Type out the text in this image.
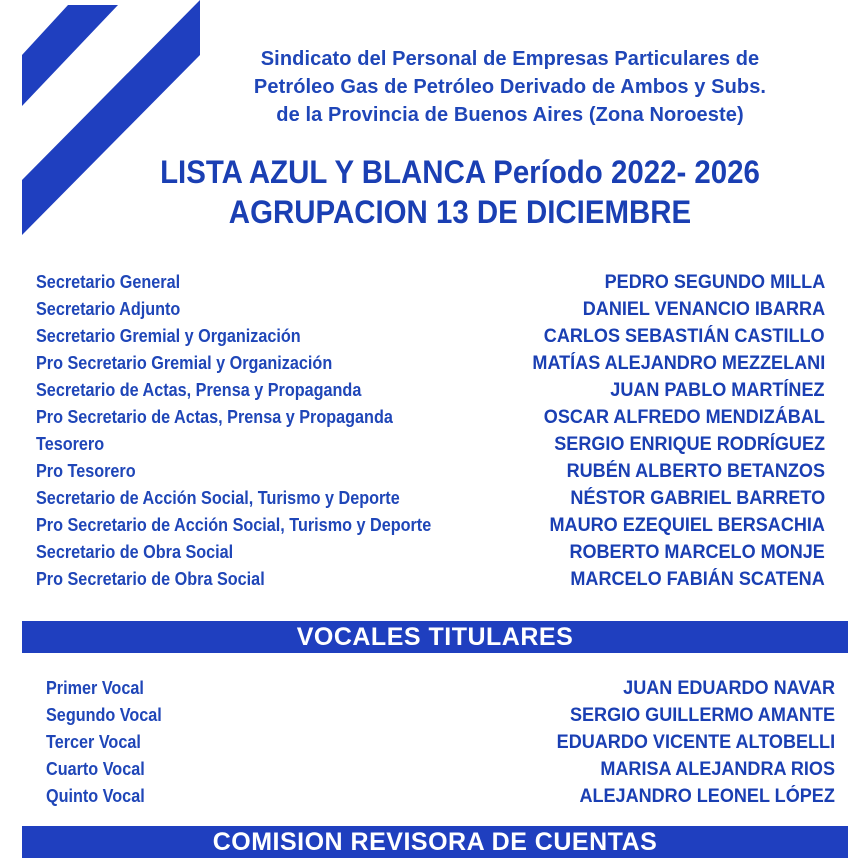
Sindicato del Personal de Empresas Particulares de
Petróleo Gas de Petróleo Derivado de Ambos y Subs.
de la Provincia de Buenos Aires (Zona Noroeste)
LISTA AZUL Y BLANCA Período 2022- 2026
AGRUPACION 13 DE DICIEMBRE
Secretario General	PEDRO SEGUNDO MILLA
Secretario Adjunto	DANIEL VENANCIO IBARRA
Secretario Gremial y Organización	CARLOS SEBASTIÁN CASTILLO
Pro Secretario Gremial y Organización	MATÍAS ALEJANDRO MEZZELANI
Secretario de Actas, Prensa y Propaganda	JUAN PABLO MARTÍNEZ
Pro Secretario de Actas, Prensa y Propaganda	OSCAR ALFREDO MENDIZÁBAL
Tesorero	SERGIO ENRIQUE RODRÍGUEZ
Pro Tesorero	RUBÉN ALBERTO BETANZOS
Secretario de Acción Social, Turismo y Deporte	NÉSTOR GABRIEL BARRETO
Pro Secretario de Acción Social, Turismo y Deporte	MAURO EZEQUIEL BERSACHIA
Secretario de Obra Social	ROBERTO MARCELO MONJE
Pro Secretario de Obra Social	MARCELO FABIÁN SCATENA
VOCALES TITULARES
Primer Vocal	JUAN EDUARDO NAVAR
Segundo Vocal	SERGIO GUILLERMO AMANTE
Tercer Vocal	EDUARDO VICENTE ALTOBELLI
Cuarto Vocal	MARISA ALEJANDRA RIOS
Quinto Vocal	ALEJANDRO LEONEL LÓPEZ
COMISION REVISORA DE CUENTAS
